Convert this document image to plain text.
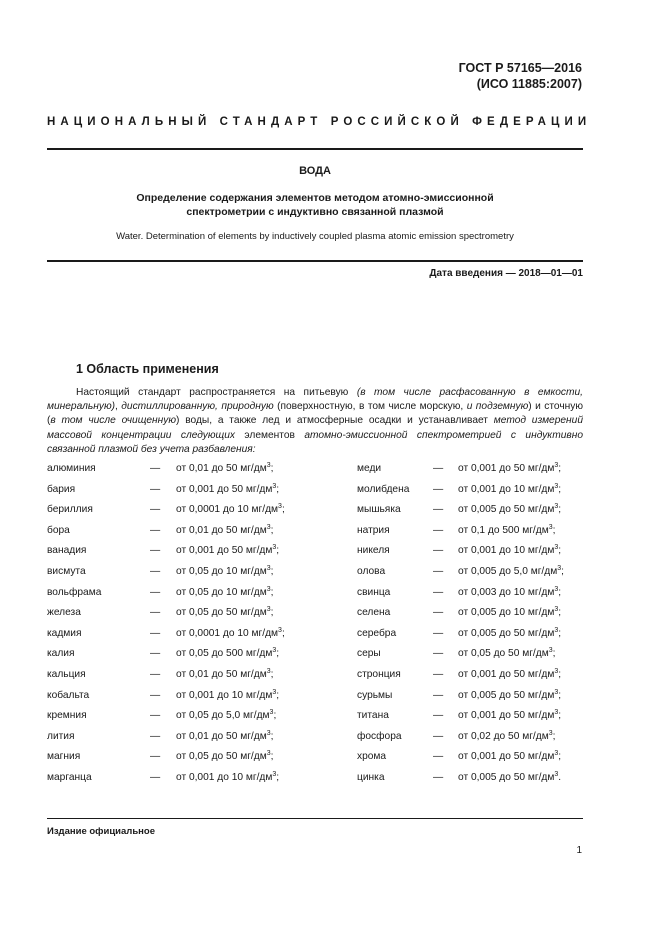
ГОСТ Р 57165—2016
(ИСО 11885:2007)
НАЦИОНАЛЬНЫЙ СТАНДАРТ РОССИЙСКОЙ ФЕДЕРАЦИИ
ВОДА
Определение содержания элементов методом атомно-эмиссионной
спектрометрии с индуктивно связанной плазмой
Water. Determination of elements by inductively coupled plasma atomic emission spectrometry
Дата введения — 2018—01—01
1 Область применения
Настоящий стандарт распространяется на питьевую (в том числе расфасованную в емкости, минеральную), дистиллированную, природную (поверхностную, в том числе морскую, и подземную) и сточную (в том числе очищенную) воды, а также лед и атмосферные осадки и устанавливает метод измерений массовой концентрации следующих элементов атомно-эмиссионной спектрометрией с индуктивно связанной плазмой без учета разбавления:
алюминия	— от 0,01 до 50 $мг/дм^3$;
бария	— от 0,001 до 50 $мг/дм^3$;
бериллия	— от 0,0001 до 10 $мг/дм^3$;
бора	— от 0,01 до 50 $мг/дм^3$;
ванадия	— от 0,001 до 50 $мг/дм^3$;
висмута	— от 0,05 до 10 $мг/дм^3$;
вольфрама	— от 0,05 до 10 $мг/дм^3$;
железа	— от 0,05 до 50 $мг/дм^3$;
кадмия	— от 0,0001 до 10 $мг/дм^3$;
калия	— от 0,05 до 500 $мг/дм^3$;
кальция	— от 0,01 до 50 $мг/дм^3$;
кобальта	— от 0,001 до 10 $мг/дм^3$;
кремния	— от 0,05 до 5,0 $мг/дм^3$;
лития	— от 0,01 до 50 $мг/дм^3$;
магния	— от 0,05 до 50 $мг/дм^3$;
марганца	— от 0,001 до 10 $мг/дм^3$;
меди	— от 0,001 до 50 $мг/дм^3$;
молибдена — от 0,001 до 10 $мг/дм^3$;
мышьяка	— от 0,005 до 50 $мг/дм^3$;
натрия	— от 0,1 до 500 $мг/дм^3$;
никеля	— от 0,001 до 10 $мг/дм^3$;
олова	— от 0,005 до 5,0 $мг/дм^3$;
свинца	— от 0,003 до 10 $мг/дм^3$;
селена	— от 0,005 до 10 $мг/дм^3$;
серебра	— от 0,005 до 50 $мг/дм^3$;
серы	— от 0,05 до 50 $мг/дм^3$;
стронция	— от 0,001 до 50 $мг/дм^3$;
сурьмы	— от 0,005 до 50 $мг/дм^3$;
титана	— от 0,001 до 50 $мг/дм^3$;
фосфора	— от 0,02 до 50 $мг/дм^3$;
хрома	— от 0,001 до 50 $мг/дм^3$;
цинка	— от 0,005 до 50 $мг/дм^3$.
Издание официальное
1
